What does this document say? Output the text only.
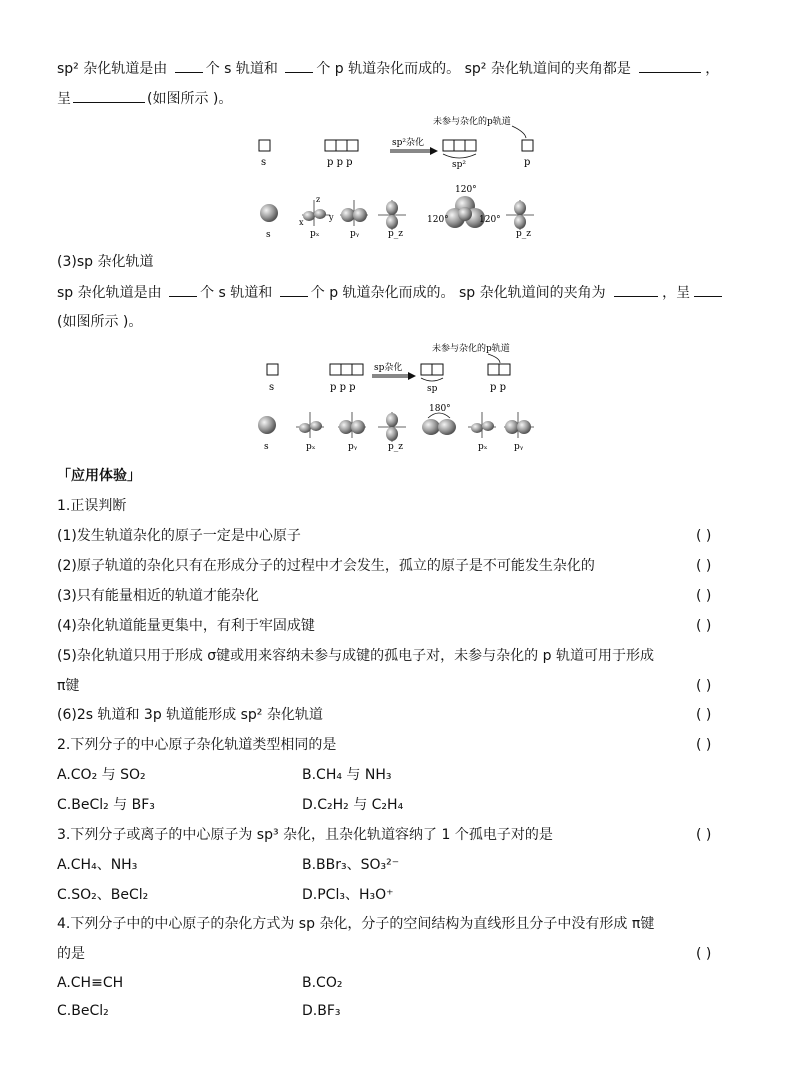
sp² 杂化轨道是由	个 s 轨道和	个 p 轨道杂化而成的。 sp² 杂化轨道间的夹角都是	，
呈	(如图所示 )。
s	p p p
sp²杂化
sp²
未参与杂化的p轨道
p
s
x
z
y
pₓ	pᵧ	p_z
120°
120°	120°
p_z
(3)sp 杂化轨道
sp 杂化轨道是由	个 s 轨道和	个 p 轨道杂化而成的。 sp 杂化轨道间的夹角为	，呈
(如图所示 )。
s	p p p
sp杂化
sp
未参与杂化的p轨道
p p
s	pₓ	pᵧ	p_z
180°
pₓ	pᵧ
「应用体验」
1.正误判断
(1)发生轨道杂化的原子一定是中心原子	( )
(2)原子轨道的杂化只有在形成分子的过程中才会发生，孤立的原子是不可能发生杂化的	( )
(3)只有能量相近的轨道才能杂化	( )
(4)杂化轨道能量更集中，有利于牢固成键	( )
(5)杂化轨道只用于形成 σ键或用来容纳未参与成键的孤电子对，未参与杂化的 p 轨道可用于形成
π键	( )
(6)2s 轨道和 3p 轨道能形成 sp² 杂化轨道	( )
2.下列分子的中心原子杂化轨道类型相同的是	( )
A.CO₂ 与 SO₂	B.CH₄ 与 NH₃
C.BeCl₂ 与 BF₃	D.C₂H₂ 与 C₂H₄
3.下列分子或离子的中心原子为 sp³ 杂化，且杂化轨道容纳了 1 个孤电子对的是	( )
A.CH₄、NH₃	B.BBr₃、SO₃²⁻
C.SO₂、BeCl₂	D.PCl₃、H₃O⁺
4.下列分子中的中心原子的杂化方式为 sp 杂化，分子的空间结构为直线形且分子中没有形成 π键
的是	( )
A.CH≡CH	B.CO₂
C.BeCl₂	D.BF₃
